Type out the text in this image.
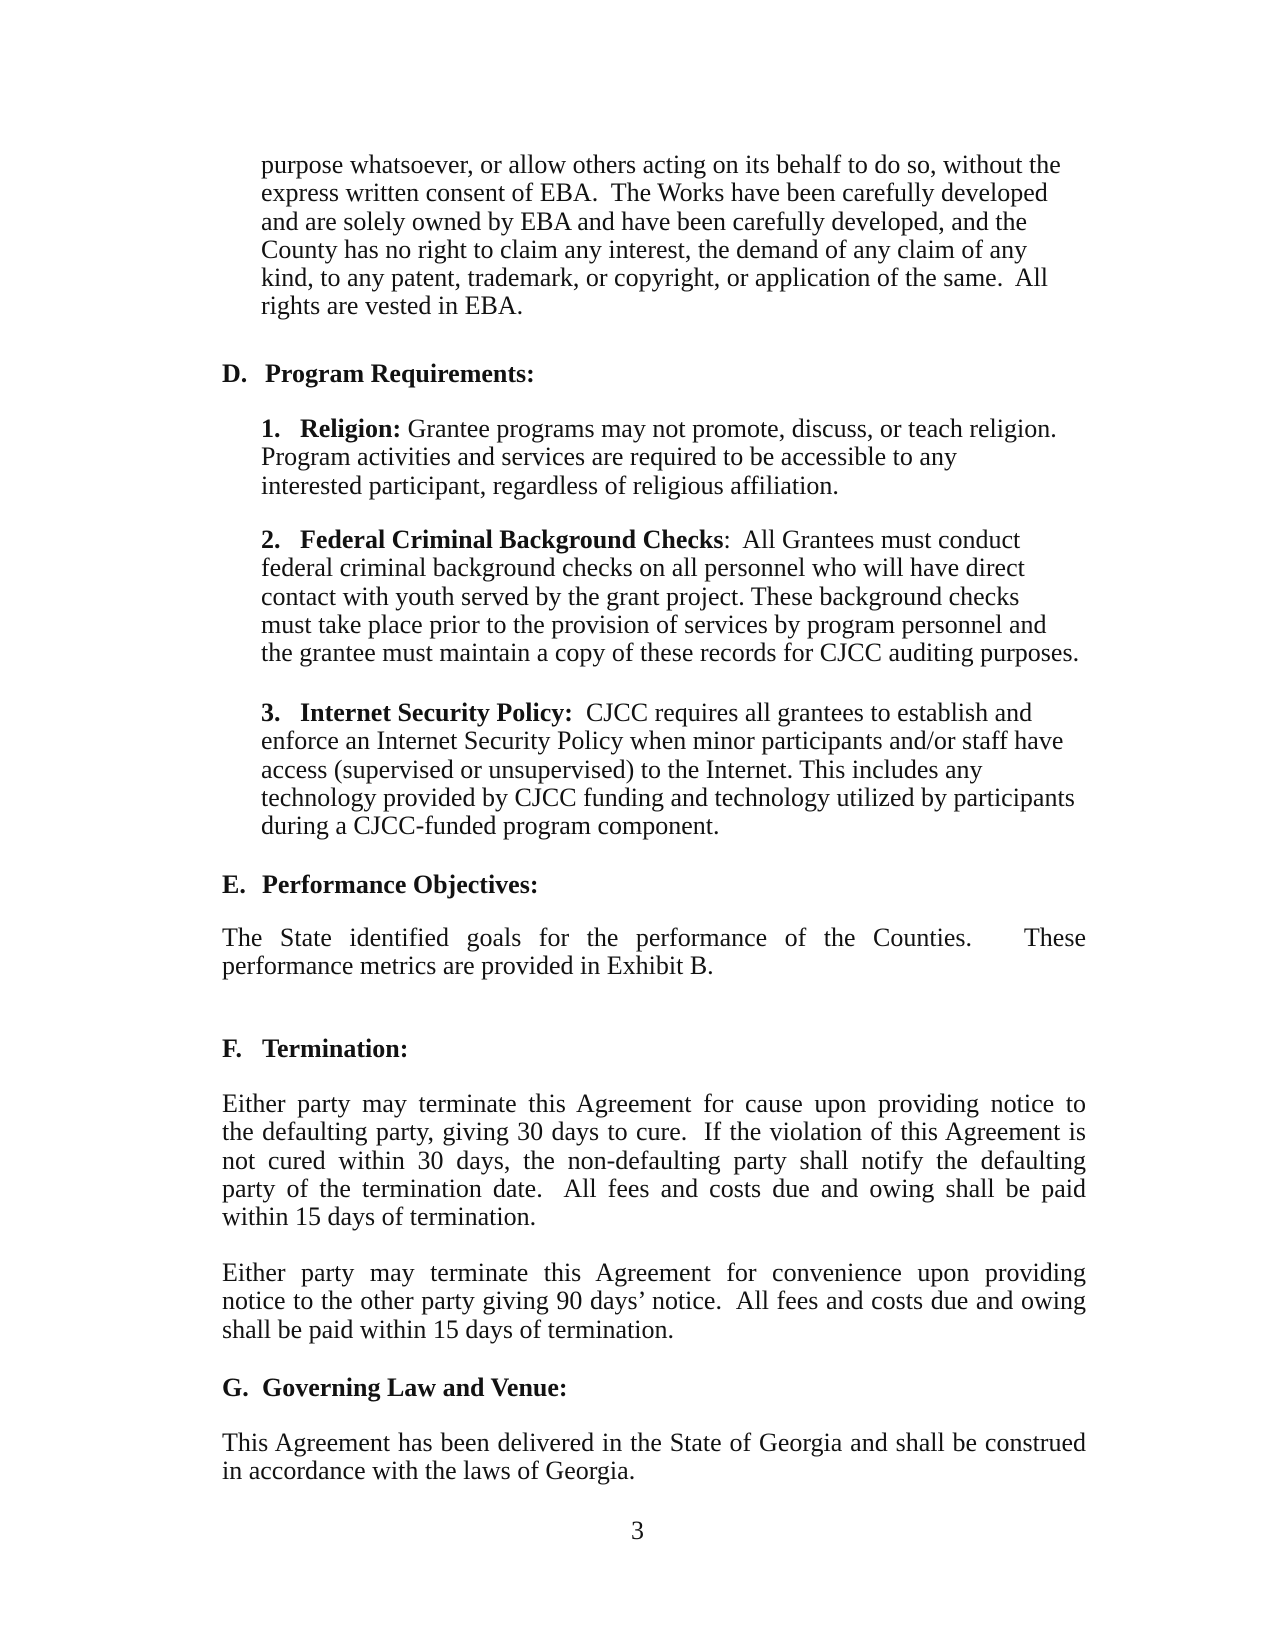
purpose whatsoever, or allow others acting on its behalf to do so, without the
express written consent of EBA.  The Works have been carefully developed
and are solely owned by EBA and have been carefully developed, and the
County has no right to claim any interest, the demand of any claim of any
kind, to any patent, trademark, or copyright, or application of the same.  All
rights are vested in EBA.
D. Program Requirements:
1. Religion: Grantee programs may not promote, discuss, or teach religion.
Program activities and services are required to be accessible to any
interested participant, regardless of religious affiliation.
2. Federal Criminal Background Checks:  All Grantees must conduct
federal criminal background checks on all personnel who will have direct
contact with youth served by the grant project. These background checks
must take place prior to the provision of services by program personnel and
the grantee must maintain a copy of these records for CJCC auditing purposes.
3. Internet Security Policy:  CJCC requires all grantees to establish and
enforce an Internet Security Policy when minor participants and/or staff have
access (supervised or unsupervised) to the Internet. This includes any
technology provided by CJCC funding and technology utilized by participants
during a CJCC-funded program component.
E. Performance Objectives:
The State identified goals for the performance of the Counties.   These
performance metrics are provided in Exhibit B.
F. Termination:
Either party may terminate this Agreement for cause upon providing notice to
the defaulting party, giving 30 days to cure.  If the violation of this Agreement is
not cured within 30 days, the non-defaulting party shall notify the defaulting
party of the termination date.  All fees and costs due and owing shall be paid
within 15 days of termination.
Either party may terminate this Agreement for convenience upon providing
notice to the other party giving 90 days’ notice.  All fees and costs due and owing
shall be paid within 15 days of termination.
G. Governing Law and Venue:
This Agreement has been delivered in the State of Georgia and shall be construed
in accordance with the laws of Georgia.
3
